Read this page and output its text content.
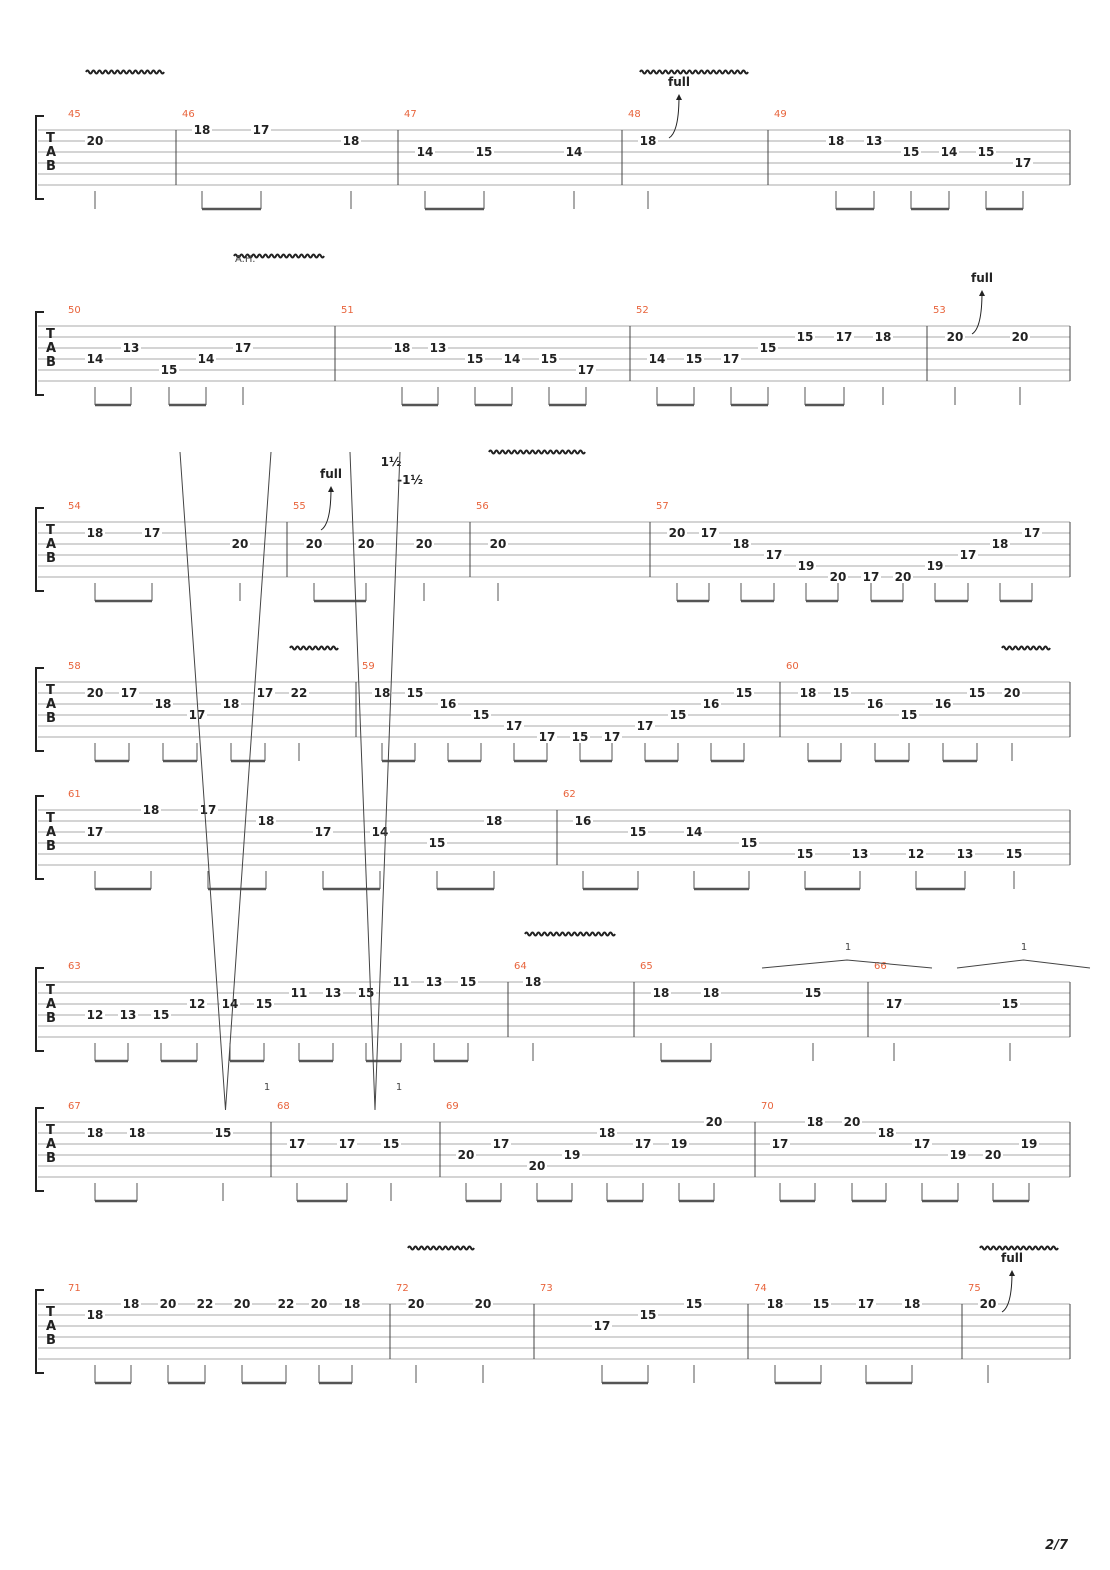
T
A
B
45
20
46
18	17
18
47
14	15	14
48
18
49
18 13
15 14 15
17
full
T
A
B
50
14
13
15
14
17
51
18 13
15 14 15
17
52
14 15 17
15
15 17 18
53
20	20
full
A.H.
T
A
B
54
18	17
20
55
20	20	20
56
20
57
20 17
18
17
19
20 17 20
19
17
18
17
full
1½
-1½
T
A
B
58
20 17
18
17
18
17 22
59
18 15
16
15
17
17 15 17
17
15
16
15
60
18 15
16
15
16
15 20
T
A
B
61
17
18	17
18
17	14
15
18
62
16
15	14
15
15	13	12	13	15
T
A
B
63
12 13 15
12 14 15
11 13 15
11 13 15
64
18
65
18	18	15
66
17	15
1	1
T
A
B
67
18 18	15
68
17	17 15
69
20
17
20
19
18
17 19
20
70
17
18 20
18
17
19 20
19
1	1
T
A
B
71
18
18 20 22 20 22 20 18
72
20	20
73
17
15
15
74
18 15 17 18
75
20
full
2/7
